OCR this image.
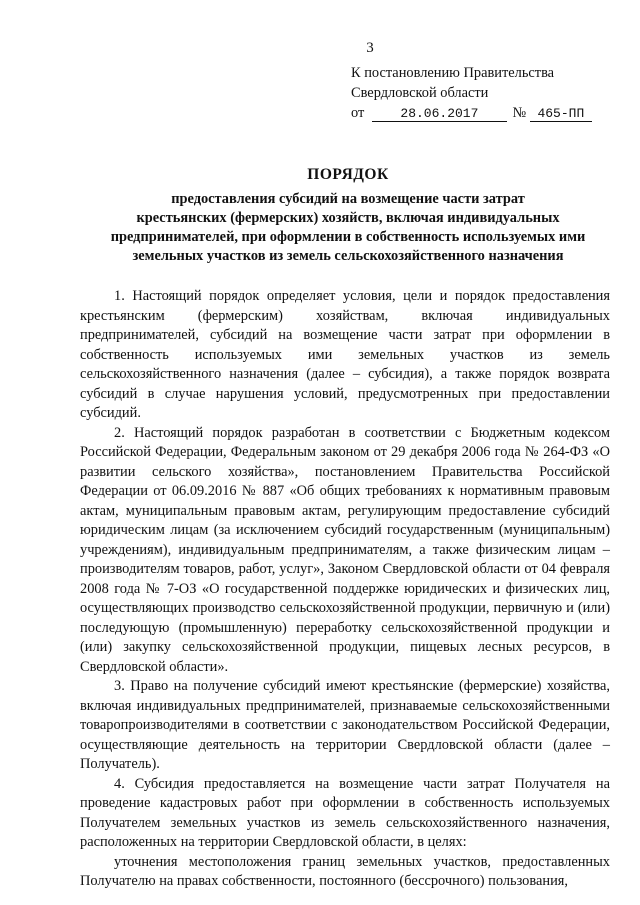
3
К постановлению Правительства
Свердловской области
от	28.06.2017 № 465-ПП
ПОРЯДОК
предоставления субсидий на возмещение части затрат
крестьянских (фермерских) хозяйств, включая индивидуальных
предпринимателей, при оформлении в собственность используемых ими
земельных участков из земель сельскохозяйственного назначения

1. Настоящий порядок определяет условия, цели и порядок предоставления крестьянским (фермерским) хозяйствам, включая индивидуальных предпринимателей, субсидий на возмещение части затрат при оформлении в собственность используемых ими земельных участков из земель сельскохозяйственного назначения (далее – субсидия), а также порядок возврата субсидий в случае нарушения условий, предусмотренных при предоставлении субсидий.

2. Настоящий порядок разработан в соответствии с Бюджетным кодексом Российской Федерации, Федеральным законом от 29 декабря 2006 года № 264-ФЗ «О развитии сельского хозяйства», постановлением Правительства Российской Федерации от 06.09.2016 № 887 «Об общих требованиях к нормативным правовым актам, муниципальным правовым актам, регулирующим предоставление субсидий юридическим лицам (за исключением субсидий государственным (муниципальным) учреждениям), индивидуальным предпринимателям, а также физическим лицам – производителям товаров, работ, услуг», Законом Свердловской области от 04 февраля 2008 года № 7-ОЗ «О государственной поддержке юридических и физических лиц, осуществляющих производство сельскохозяйственной продукции, первичную и (или) последующую (промышленную) переработку сельскохозяйственной продукции и (или) закупку сельскохозяйственной продукции, пищевых лесных ресурсов, в Свердловской области».

3. Право на получение субсидий имеют крестьянские (фермерские) хозяйства, включая индивидуальных предпринимателей, признаваемые сельскохозяйственными товаропроизводителями в соответствии с законодательством Российской Федерации, осуществляющие деятельность на территории Свердловской области (далее – Получатель).

4. Субсидия предоставляется на возмещение части затрат Получателя на проведение кадастровых работ при оформлении в собственность используемых Получателем земельных участков из земель сельскохозяйственного назначения, расположенных на территории Свердловской области, в целях:

уточнения местоположения границ земельных участков, предоставленных Получателю на правах собственности, постоянного (бессрочного) пользования,
